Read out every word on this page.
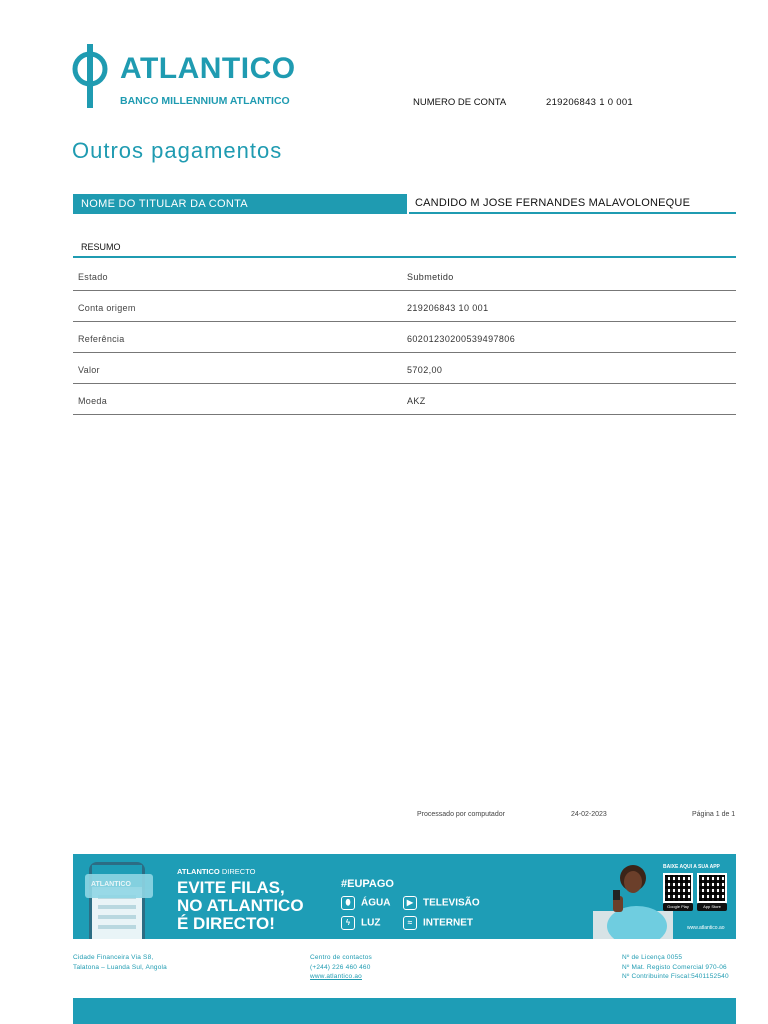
ATLANTICO
BANCO MILLENNIUM ATLANTICO	NUMERO DE CONTA	219206843 1 0 001
Outros pagamentos
NOME DO TITULAR DA CONTA	CANDIDO M JOSE FERNANDES MALAVOLONEQUE
RESUMO
Estado	Submetido
Conta origem	219206843 10 001
Referência	60201230200539497806
Valor	5702,00
Moeda	AKZ
Processado por computador	24-02-2023	Página 1 de 1
ATLANTICO
ATLANTICO DIRECTO
EVITE FILAS,
NO ATLANTICO
É DIRECTO!
#EUPAGO
⬮ ÁGUA	▶ TELEVISÃO
ϟ LUZ	≈ INTERNET
BAIXE AQUI A SUA APP
Google Play	App Store
www.atlantico.ao
Cidade Financeira Via S8,
Talatona – Luanda Sul, Angola
Centro de contactos
(+244) 226 460 460
www.atlantico.ao
Nº de Licença 0055
Nº Mat. Registo Comercial 970-06
Nº Contribuinte Fiscal:5401152540
